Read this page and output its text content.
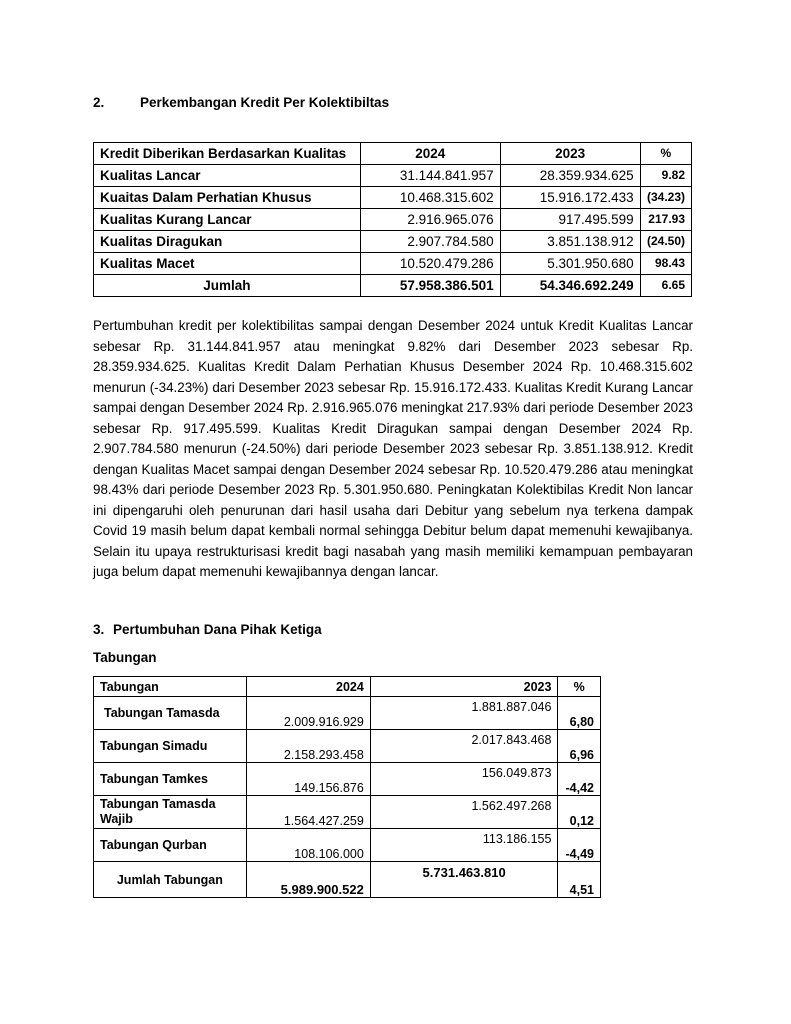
2.	Perkembangan Kredit Per Kolektibiltas
Kredit Diberikan Berdasarkan Kualitas	2024	2023	%
Kualitas Lancar	31.144.841.957	28.359.934.625	9.82
Kuaitas Dalam Perhatian Khusus	10.468.315.602	15.916.172.433	(34.23)
Kualitas Kurang Lancar	2.916.965.076	917.495.599	217.93
Kualitas Diragukan	2.907.784.580	3.851.138.912	(24.50)
Kualitas Macet	10.520.479.286	5.301.950.680	98.43
Jumlah	57.958.386.501	54.346.692.249	6.65

Pertumbuhan kredit per kolektibilitas sampai dengan Desember 2024 untuk Kredit Kualitas Lancar sebesar Rp. 31.144.841.957 atau meningkat 9.82% dari Desember 2023 sebesar Rp. 28.359.934.625. Kualitas Kredit Dalam Perhatian Khusus Desember 2024 Rp. 10.468.315.602 menurun (-34.23%) dari Desember 2023 sebesar Rp. 15.916.172.433. Kualitas Kredit Kurang Lancar sampai dengan Desember 2024 Rp. 2.916.965.076 meningkat 217.93% dari periode Desember 2023 sebesar Rp. 917.495.599. Kualitas Kredit Diragukan sampai dengan Desember 2024 Rp. 2.907.784.580 menurun (-24.50%) dari periode Desember 2023 sebesar Rp. 3.851.138.912. Kredit dengan Kualitas Macet sampai dengan Desember 2024 sebesar Rp. 10.520.479.286 atau meningkat 98.43% dari periode Desember 2023 Rp. 5.301.950.680. Peningkatan Kolektibilas Kredit Non lancar ini dipengaruhi oleh penurunan dari hasil usaha dari Debitur yang sebelum nya terkena dampak Covid 19 masih belum dapat kembali normal sehingga Debitur belum dapat memenuhi kewajibanya. Selain itu upaya restrukturisasi kredit bagi nasabah yang masih memiliki kemampuan pembayaran juga belum dapat memenuhi kewajibannya dengan lancar.

3. Pertumbuhan Dana Pihak Ketiga
Tabungan
Tabungan	2024	2023	%
Tabungan Tamasda	2.009.916.929	1.881.887.046	6,80
Tabungan Simadu	2.158.293.458	2.017.843.468	6,96
Tabungan Tamkes	149.156.876	156.049.873	-4,42
Tabungan Tamasda Wajib	1.564.427.259	1.562.497.268	0,12
Tabungan Qurban	108.106.000	113.186.155	-4,49
Jumlah Tabungan	5.989.900.522	5.731.463.810	4,51
